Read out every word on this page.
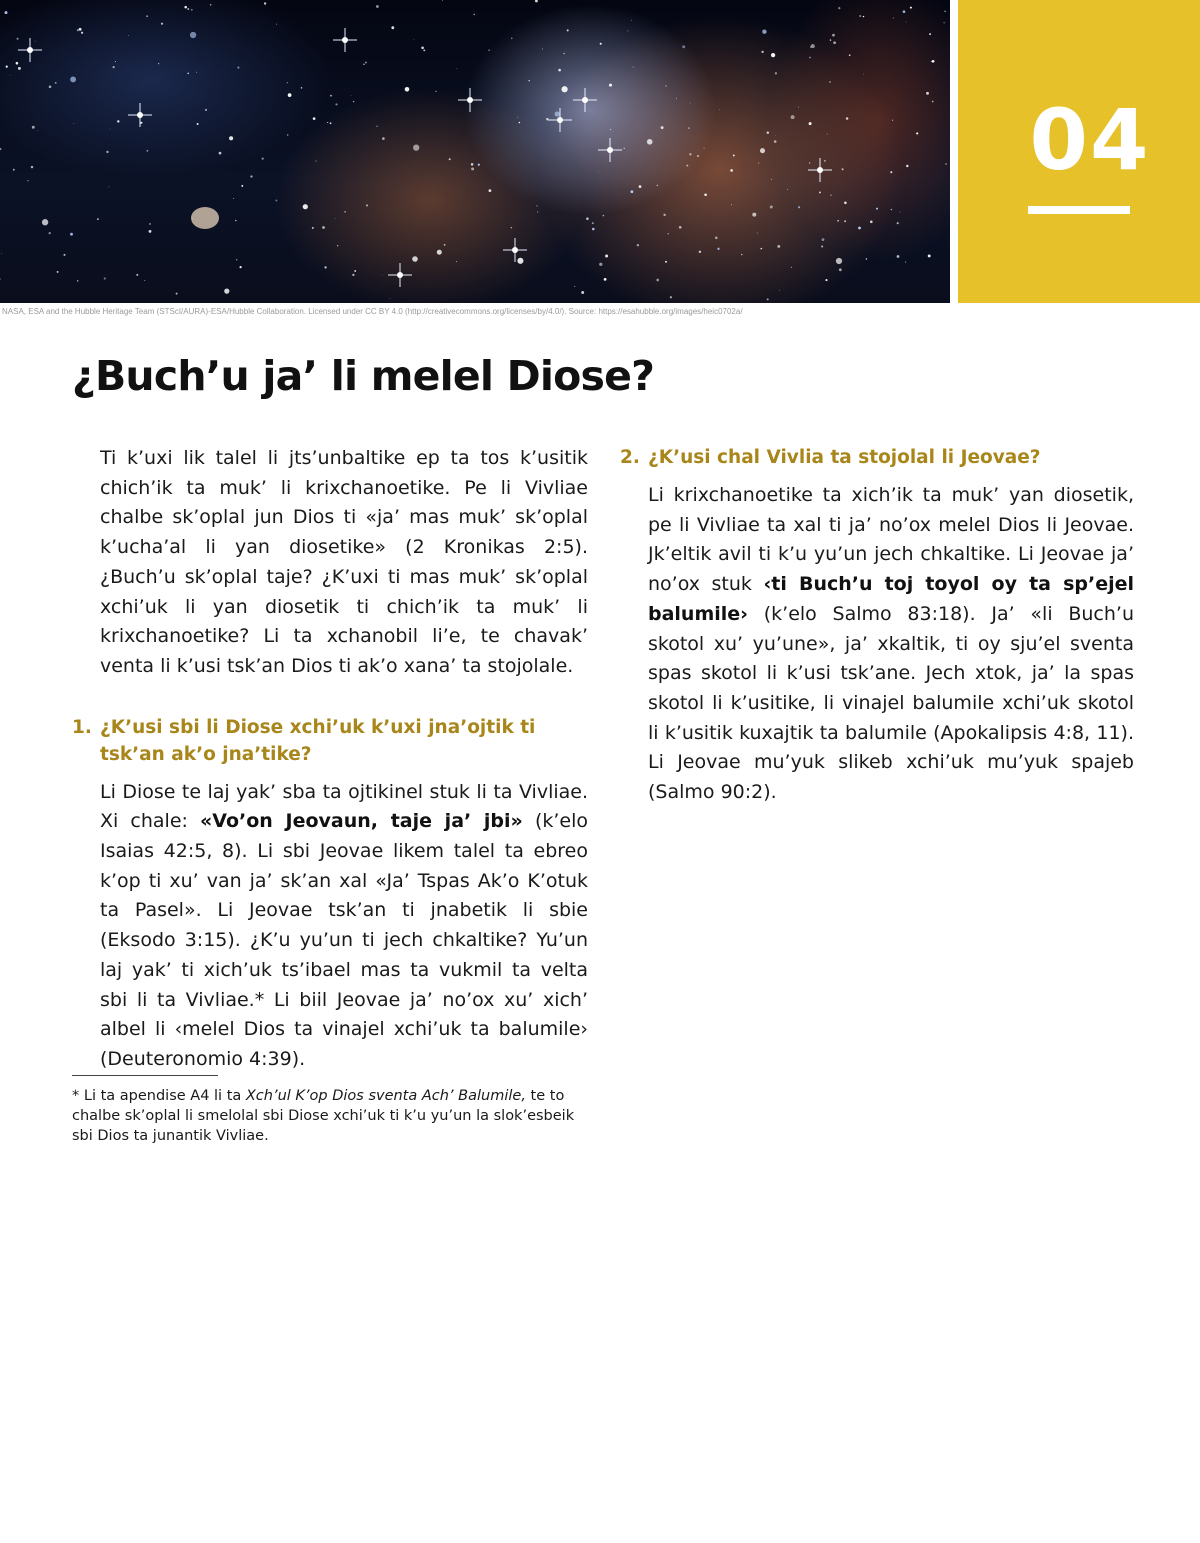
04
NASA, ESA and the Hubble Heritage Team (STScI/AURA)-ESA/Hubble Collaboration. Licensed under CC BY 4.0 (http://creativecommons.org/licenses/by/4.0/). Source: https://esahubble.org/images/heic0702a/
¿Buch’u ja’ li melel Diose?

Ti k’uxi lik talel li jts’unbaltike ep ta tos k’usitik chich’ik ta muk’ li krixchanoetike. Pe li Vivliae chalbe sk’oplal jun Dios ti «ja’ mas muk’ sk’oplal k’ucha’al li yan diosetike» (2 Kronikas 2:5). ¿Buch’u sk’oplal taje? ¿K’uxi ti mas muk’ sk’oplal xchi’uk li yan diosetik ti chich’ik ta muk’ li krixchanoetike? Li ta xchanobil li’e, te chavak’ venta li k’usi tsk’an Dios ti ak’o xana’ ta stojolale.

1. ¿K’usi sbi li Diose xchi’uk k’uxi jna’ojtik ti tsk’an ak’o jna’tike?

Li Diose te laj yak’ sba ta ojtikinel stuk li ta Vivliae. Xi chale: «Vo’on Jeovaun, taje ja’ jbi» (k’elo Isaias 42:5, 8). Li sbi Jeovae likem talel ta ebreo k’op ti xu’ van ja’ sk’an xal «Ja’ Tspas Ak’o K’otuk ta Pasel». Li Jeovae tsk’an ti jnabetik li sbie (Eksodo 3:15). ¿K’u yu’un ti jech chkaltike? Yu’un laj yak’ ti xich’uk ts’ibael mas ta vukmil ta velta sbi li ta Vivliae.* Li biil Jeovae ja’ no’ox xu’ xich’ albel li ‹melel Dios ta vinajel xchi’uk ta balumile› (Deuteronomio 4:39).

2. ¿K’usi chal Vivlia ta stojolal li Jeovae?

Li krixchanoetike ta xich’ik ta muk’ yan diosetik, pe li Vivliae ta xal ti ja’ no’ox melel Dios li Jeovae. Jk’eltik avil ti k’u yu’un jech chkaltike. Li Jeovae ja’ no’ox stuk ‹ti Buch’u toj toyol oy ta sp’ejel balumile› (k’elo Salmo 83:18). Ja’ «li Buch’u skotol xu’ yu’une», ja’ xkaltik, ti oy sju’el sventa spas skotol li k’usi tsk’ane. Jech xtok, ja’ la spas skotol li k’usitike, li vinajel balumile xchi’uk skotol li k’usitik kuxajtik ta balumile (Apokalipsis 4:8, 11). Li Jeovae mu’yuk slikeb xchi’uk mu’yuk spajeb (Salmo 90:2).

* Li ta apendise A4 li ta Xch’ul K’op Dios sventa Ach’ Balumile, te to chalbe sk’oplal li smelolal sbi Diose xchi’uk ti k’u yu’un la slok’esbeik sbi Dios ta junantik Vivliae.
